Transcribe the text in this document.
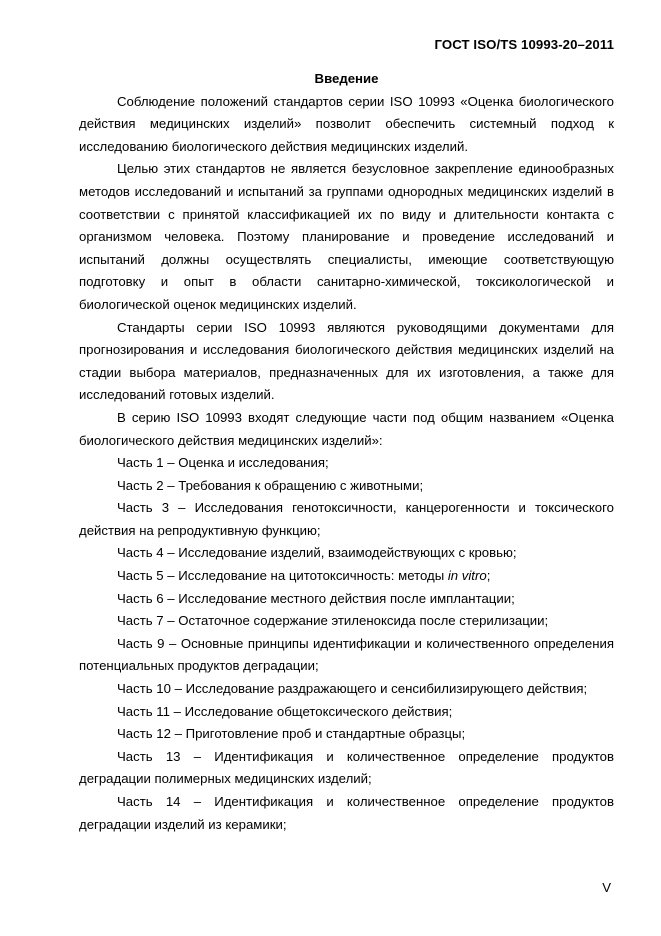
ГОСТ ISO/TS 10993-20–2011
Введение

Соблюдение положений стандартов серии ISO 10993 «Оценка биологического действия медицинских изделий» позволит обеспечить системный подход к исследованию биологического действия медицинских изделий.

Целью этих стандартов не является безусловное закрепление единообразных методов исследований и испытаний за группами однородных медицинских изделий в соответствии с принятой классификацией их по виду и длительности контакта с организмом человека. Поэтому планирование и проведение исследований и испытаний должны осуществлять специалисты, имеющие соответствующую подготовку и опыт в области санитарно-химической, токсикологической и биологической оценок медицинских изделий.

Стандарты серии ISO 10993 являются руководящими документами для прогнозирования и исследования биологического действия медицинских изделий на стадии выбора материалов, предназначенных для их изготовления, а также для исследований готовых изделий.

В серию ISO 10993 входят следующие части под общим названием «Оценка биологического действия медицинских изделий»:

Часть 1 – Оценка и исследования;

Часть 2 – Требования к обращению с животными;

Часть 3 – Исследования генотоксичности, канцерогенности и токсического действия на репродуктивную функцию;

Часть 4 – Исследование изделий, взаимодействующих с кровью;

Часть 5 – Исследование на цитотоксичность: методы in vitro;

Часть 6 – Исследование местного действия после имплантации;

Часть 7 – Остаточное содержание этиленоксида после стерилизации;

Часть 9 – Основные принципы идентификации и количественного определения потенциальных продуктов деградации;

Часть 10 – Исследование раздражающего и сенсибилизирующего действия;

Часть 11 – Исследование общетоксического действия;

Часть 12 – Приготовление проб и стандартные образцы;

Часть 13 – Идентификация и количественное определение продуктов деградации полимерных медицинских изделий;

Часть 14 – Идентификация и количественное определение продуктов деградации изделий из керамики;

V
